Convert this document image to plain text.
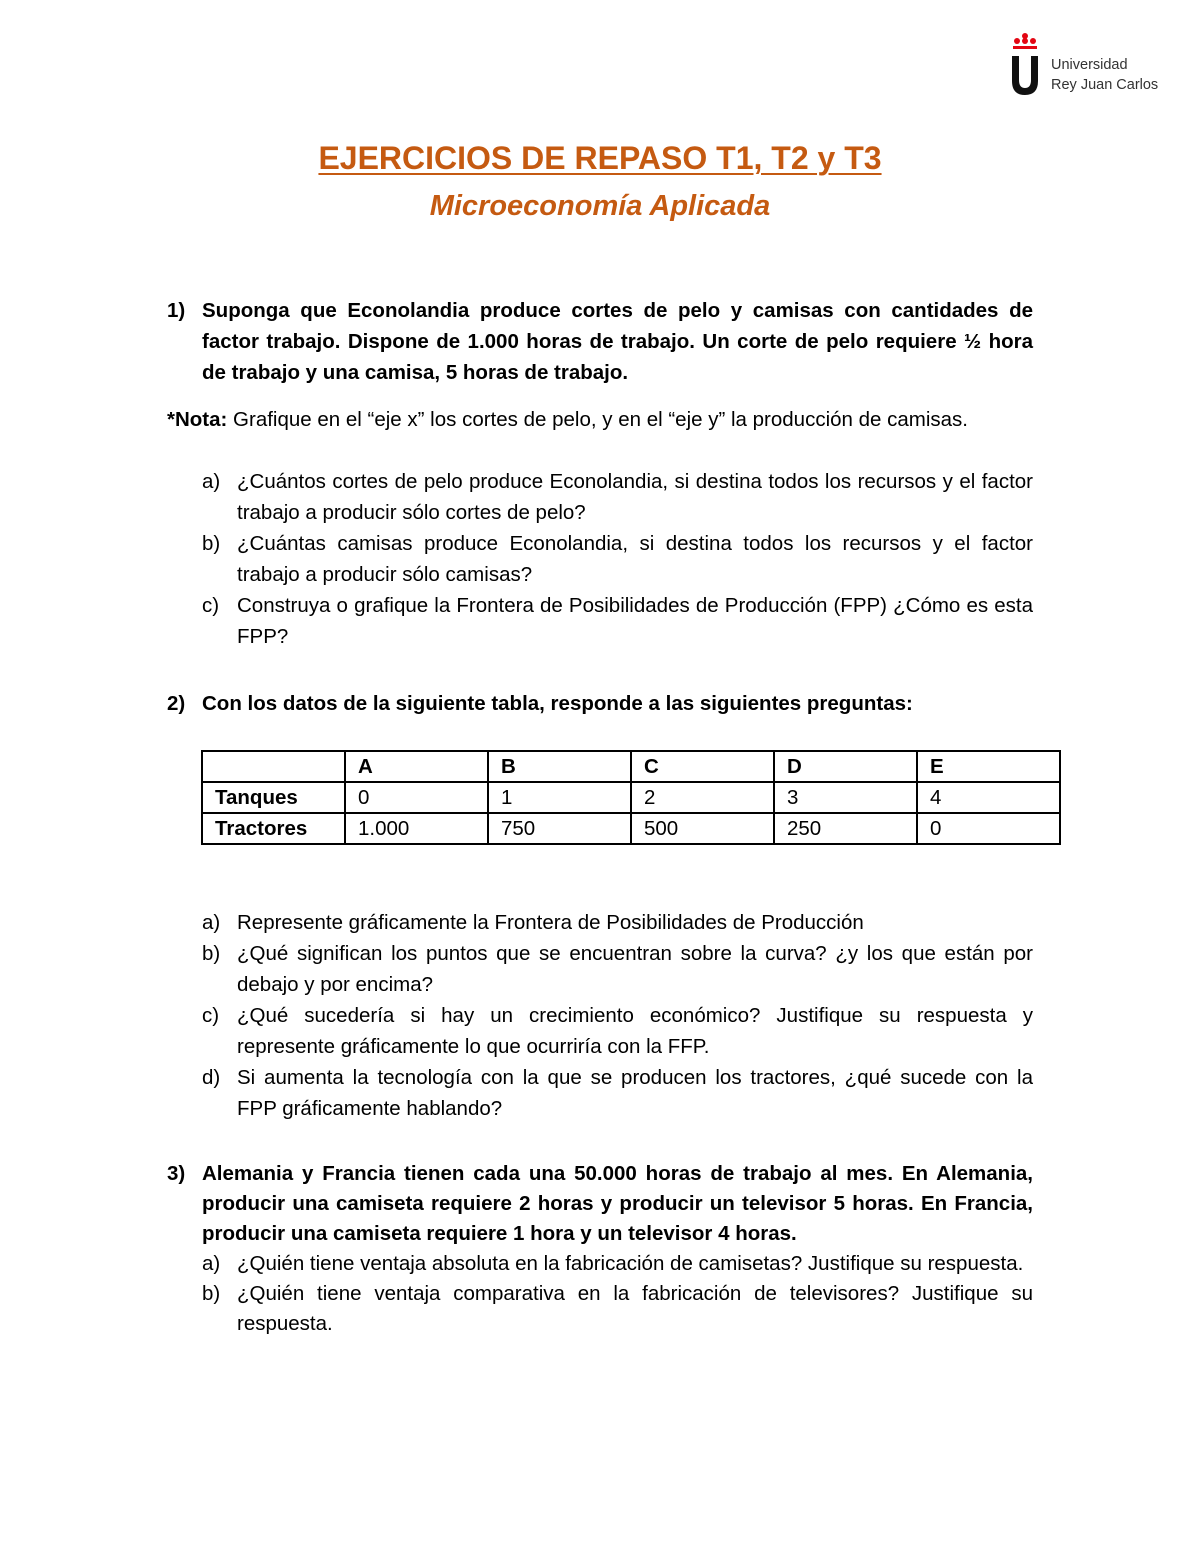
Universidad
Rey Juan Carlos
EJERCICIOS DE REPASO T1, T2 y T3
Microeconomía Aplicada
1) Suponga que Econolandia produce cortes de pelo y camisas con cantidades de factor trabajo. Dispone de 1.000 horas de trabajo. Un corte de pelo requiere ½ hora de trabajo y una camisa, 5 horas de trabajo.
*Nota: Grafique en el “eje x” los cortes de pelo, y en el “eje y” la producción de camisas.
a) ¿Cuántos cortes de pelo produce Econolandia, si destina todos los recursos y el factor trabajo a producir sólo cortes de pelo?
b) ¿Cuántas camisas produce Econolandia, si destina todos los recursos y el factor trabajo a producir sólo camisas?
c) Construya o grafique la Frontera de Posibilidades de Producción (FPP) ¿Cómo es esta FPP?
2) Con los datos de la siguiente tabla, responde a las siguientes preguntas:
	A	B	C	D	E
Tanques	0	1	2	3	4
Tractores	1.000	750	500	250	0
a) Represente gráficamente la Frontera de Posibilidades de Producción
b) ¿Qué significan los puntos que se encuentran sobre la curva? ¿y los que están por debajo y por encima?
c) ¿Qué sucedería si hay un crecimiento económico? Justifique su respuesta y represente gráficamente lo que ocurriría con la FFP.
d) Si aumenta la tecnología con la que se producen los tractores, ¿qué sucede con la FPP gráficamente hablando?
3) Alemania y Francia tienen cada una 50.000 horas de trabajo al mes. En Alemania, producir una camiseta requiere 2 horas y producir un televisor 5 horas. En Francia, producir una camiseta requiere 1 hora y un televisor 4 horas.
a) ¿Quién tiene ventaja absoluta en la fabricación de camisetas? Justifique su respuesta.
b) ¿Quién tiene ventaja comparativa en la fabricación de televisores? Justifique su respuesta.
